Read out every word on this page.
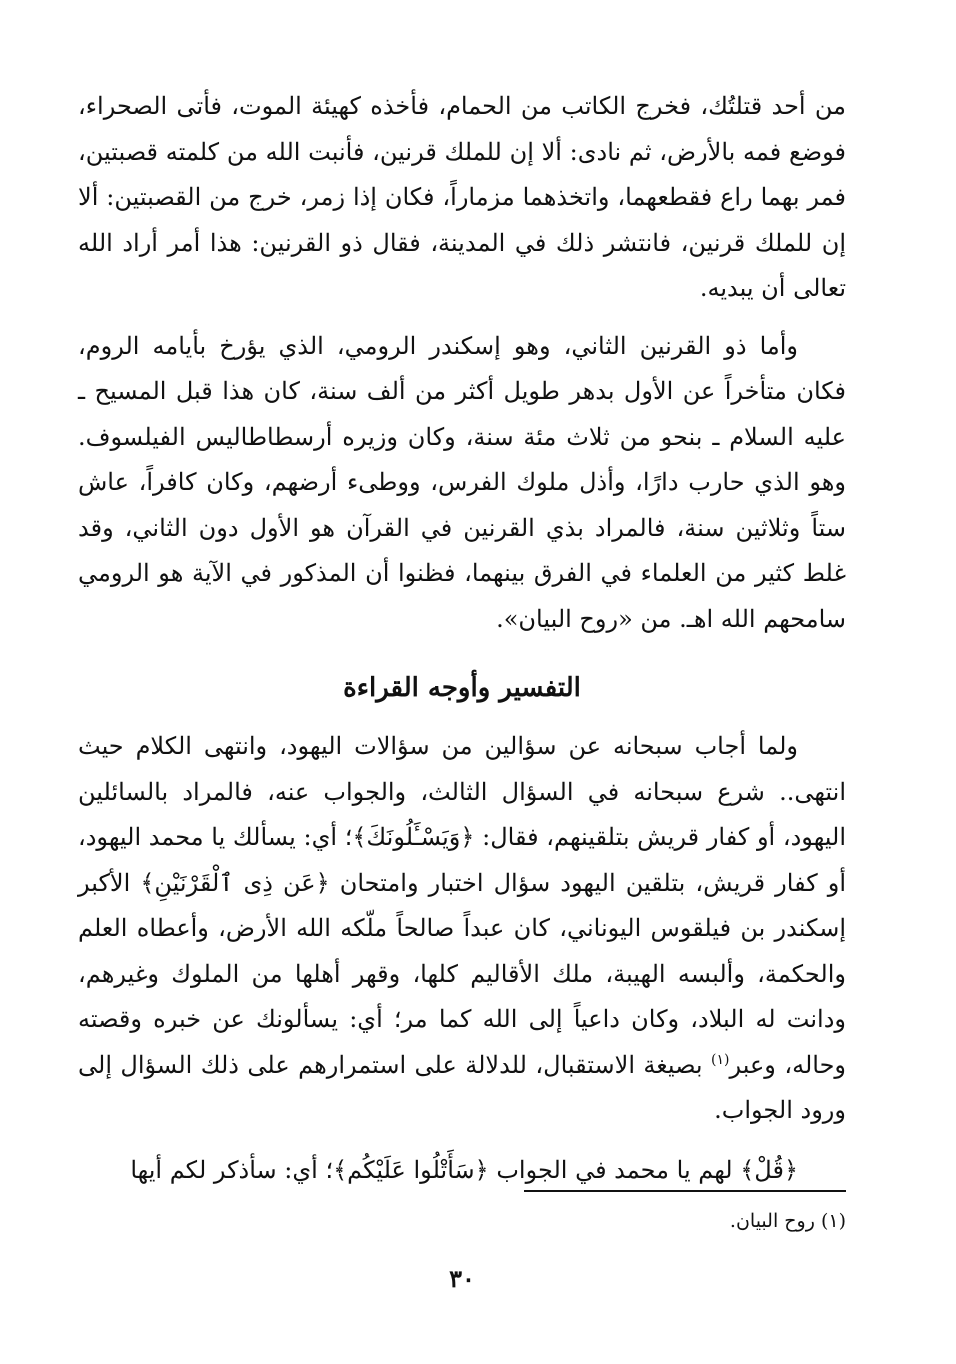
من أحد قتلتُك، فخرج الكاتب من الحمام، فأخذه كهيئة الموت، فأتى الصحراء، فوضع فمه بالأرض، ثم نادى: ألا إن للملك قرنين، فأنبت الله من كلمته قصبتين، فمر بهما راع فقطعهما، واتخذهما مزماراً، فكان إذا زمر، خرج من القصبتين: ألا إن للملك قرنين، فانتشر ذلك في المدينة، فقال ذو القرنين: هذا أمر أراد الله تعالى أن يبديه.

وأما ذو القرنين الثاني، وهو إسكندر الرومي، الذي يؤرخ بأيامه الروم، فكان متأخراً عن الأول بدهر طويل أكثر من ألف سنة، كان هذا قبل المسيح ـ عليه السلام ـ بنحو من ثلاث مئة سنة، وكان وزيره أرسطاطاليس الفيلسوف. وهو الذي حارب دارًا، وأذل ملوك الفرس، ووطىء أرضهم، وكان كافراً، عاش ستاً وثلاثين سنة، فالمراد بذي القرنين في القرآن هو الأول دون الثاني، وقد غلط كثير من العلماء في الفرق بينهما، فظنوا أن المذكور في الآية هو الرومي سامحهم الله اهـ. من «روح البيان».

التفسير وأوجه القراءة

ولما أجاب سبحانه عن سؤالين من سؤالات اليهود، وانتهى الكلام حيث انتهى.. شرع سبحانه في السؤال الثالث، والجواب عنه، فالمراد بالسائلين اليهود، أو كفار قريش بتلقينهم، فقال: ﴿وَيَسْـَٔلُونَكَ﴾؛ أي: يسألك يا محمد اليهود، أو كفار قريش، بتلقين اليهود سؤال اختبار وامتحان ﴿عَن ذِى ٱلْقَرْنَيْنِ﴾ الأكبر إسكندر بن فيلقوس اليوناني، كان عبداً صالحاً ملّكه الله الأرض، وأعطاه العلم والحكمة، وألبسه الهيبة، ملك الأقاليم كلها، وقهر أهلها من الملوك وغيرهم، ودانت له البلاد، وكان داعياً إلى الله كما مر؛ أي: يسألونك عن خبره وقصته وحاله، وعبر$^{(١)}$ بصيغة الاستقبال، للدلالة على استمرارهم على ذلك السؤال إلى ورود الجواب.

﴿قُلْ﴾ لهم يا محمد في الجواب ﴿سَأَتْلُوا عَلَيْكُم﴾؛ أي: سأذكر لكم أيها

(١) روح البيان.
٣٠
